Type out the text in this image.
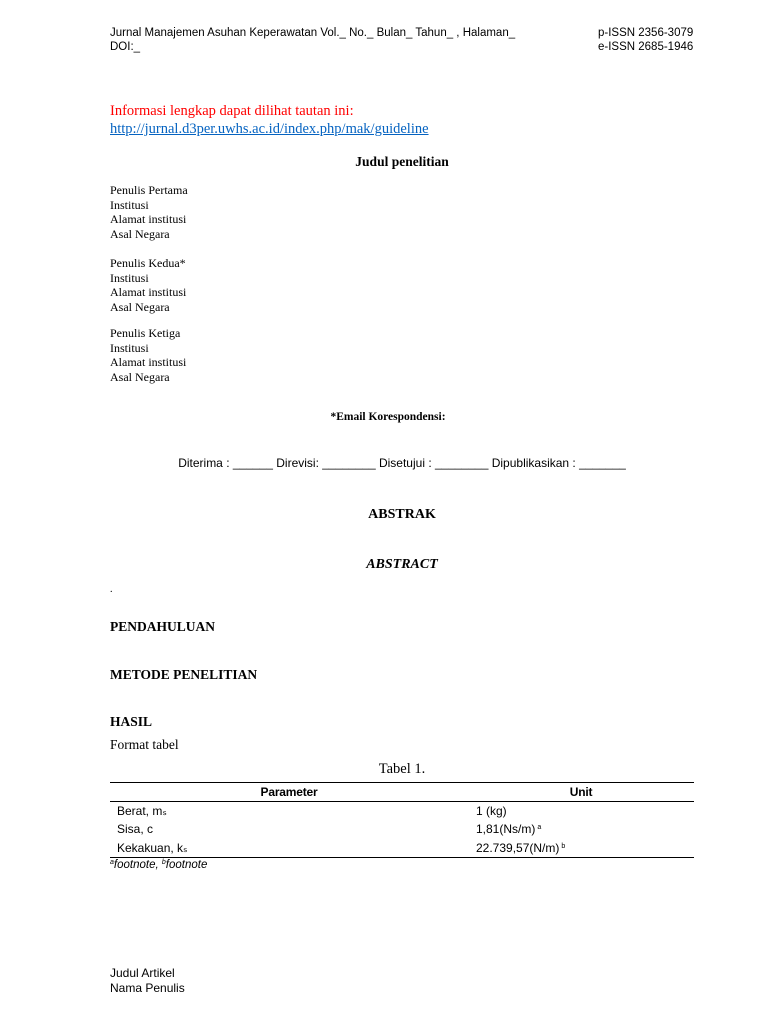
Jurnal Manajemen Asuhan Keperawatan Vol._ No._ Bulan_ Tahun_ , Halaman_
DOI:_
p-ISSN 2356-3079
e-ISSN 2685-1946
Informasi lengkap dapat dilihat tautan ini:
http://jurnal.d3per.uwhs.ac.id/index.php/mak/guideline
Judul penelitian
Penulis Pertama
Institusi
Alamat institusi
Asal Negara
Penulis Kedua*
Institusi
Alamat institusi
Asal Negara
Penulis Ketiga
Institusi
Alamat institusi
Asal Negara
*Email Korespondensi:
Diterima : ______ Direvisi: ________ Disetujui : ________ Dipublikasikan : _______
ABSTRAK
ABSTRACT
.
PENDAHULUAN
METODE PENELITIAN
HASIL
Format tabel
Tabel 1.
Parameter	Unit
Berat, mₛ	1 (kg)
Sisa, c	1,81(Ns/m) $^a$
Kekakuan, kₛ	22.739,57(N/m) $^b$
$^a$footnote, $^b$footnote
Judul Artikel
Nama Penulis
